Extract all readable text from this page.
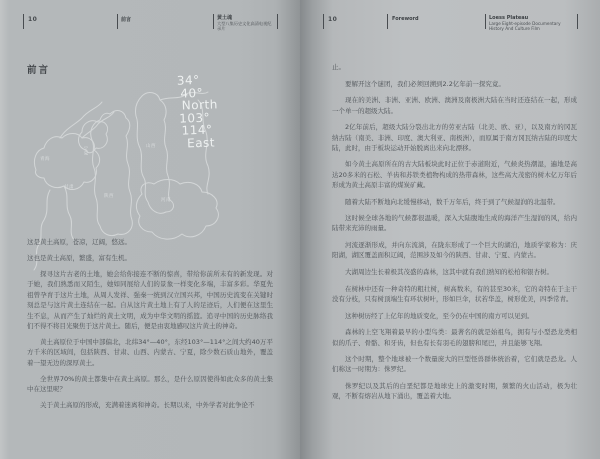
10	前言	黄土魂
大型八集历史文化高清电视纪录片
前言
青海
宁夏
甘肃
陕西
山西
河南
34°
40°
North
103°
114°
East

这是黄土高原，苍凉，辽阔，悠远。

这也是黄土高原，繁盛，富有生机。

探寻这片古老的土地，她会给你接连不断的惊喜，带给你前所未有的新发现。对于她，我们熟悉而又陌生，她如同展给人们的景象一样变化多端，丰富多彩。华夏先祖曾孕育于这片土地，从周人发祥、强秦一统到汉立国兴邦，中国历史流变在关键时刻总是与这片黄土连结在一起。自从这片黄土地上有了人的足迹后，人们便在这里生生不息，从而产生了灿烂的黄土文明，成为中华文明的摇篮。追寻中国的历史脉络我们不得不将目光聚焦于这片黄土。随后，便是由衷地感叹这片黄土的神奇。

黄土高原位于中国中部偏北，北纬34°—40°，东经103°—114°之间大约40万平方千米的区域间，包括陕西、甘肃、山西、内蒙古、宁夏，除少数石质山地外，覆盖着一望无边的深厚黄土。

全世界70%的黄土都集中在黄土高原。那么，是什么原因使得如此众多的黄土集中在这里呢？

关于黄土高原的形成，充满着迷离和神奇。长期以来，中外学者对此争论不

10	Foreword	Loess Plateau
Large Eight-episode Documentary History And Culture Film

止。

要解开这个谜团，我们必须回溯到2.2亿年前一探究竟。

现在的美洲、非洲、亚洲、欧洲、澳洲及南极洲大陆在当时还连结在一起，形成一个单一的超级大陆。

2亿年前后，超级大陆分裂出北方的劳亚古陆（北美、欧、亚），以及南方的冈瓦纳古陆（南美、非洲、印度、澳大利亚、南极洲），而原属于南方冈瓦纳古陆的印度大陆，此时，由于板块运动开始脱离出来向北漂移。

如今黄土高原所在的古大陆板块此时正位于赤道附近，气候炎热潮湿，遍地是高达20多米的石松、羊齿和苏铁类植物构成的热带森林，这些高大茂密的树木亿万年后形成为黄土高原丰富的煤炭矿藏。

随着大陆不断地向北缓慢移动，数千万年后，终于到了气候湿润的北温带。

这时候全球各地的气候都很温暖，深入大陆腹地生成的海洋产生湿润的风，给内陆带来充沛的雨量。

河流逐渐形成，并向东流淌，在陇东形成了一个巨大的湖泊，地质学家称为：庆阳湖，湖区覆盖面积辽阔，范围涉及如今的陕西、甘肃、宁夏、内蒙古。

大湖周边生长着极其茂盛的森林，这其中就有我们熟知的松柏和银杏树。

在树林中还有一种奇特的粗壮树，树高数米，有的甚至30米，它的奇特在于主干没有分枝，只有树顶端生有环状树叶，形如巨伞，状若华盖，树形优美，四季常青。

这种树历经了上亿年的地质变化，至今仍在中国的南方可以见到。

森林的上空飞翔着最早的小型鸟类：最著名的就是始祖鸟，拥有与小型恐龙类相似的爪子、骨骼、和牙齿，但也有长有羽毛的翅膀和尾巴，并且能够飞翔。

这个时期，整个地球被一个数量庞大的巨型怪兽群体统治着，它们就是恐龙。人们称这一时期为：侏罗纪。

侏罗纪以及其后的白垩纪都是地球史上的激变时期，频繁的火山活动，极为壮观，不断有熔岩从地下涌出，覆盖着大地。
